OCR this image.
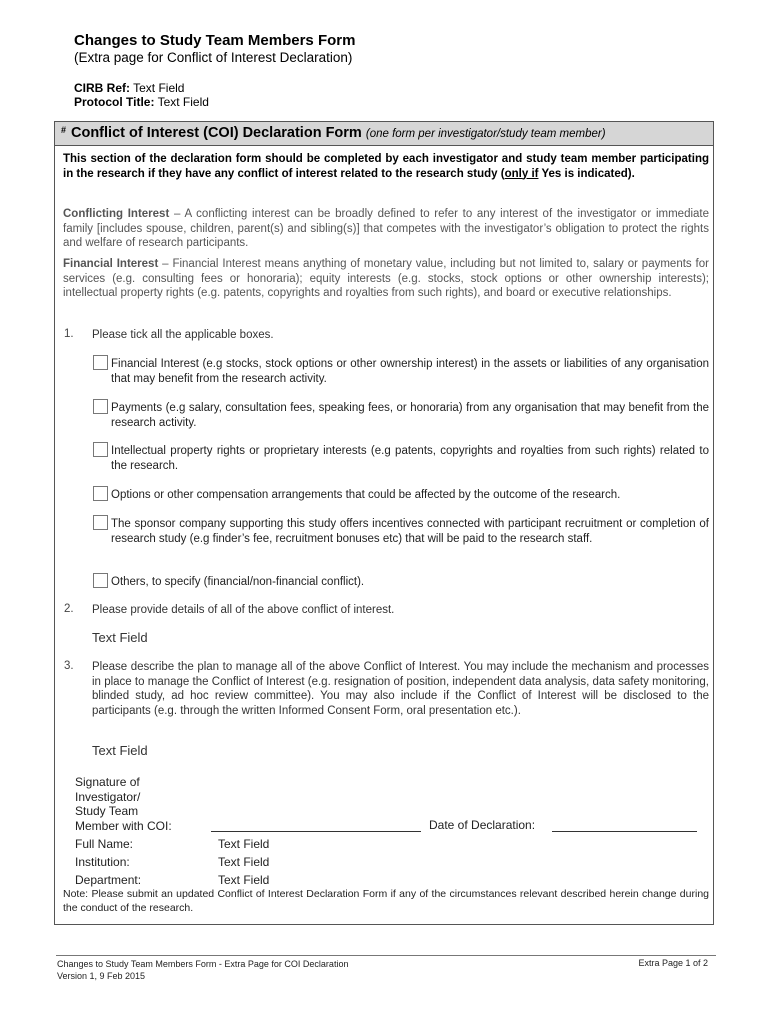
Changes to Study Team Members Form
(Extra page for Conflict of Interest Declaration)
CIRB Ref: Text Field
Protocol Title: Text Field
# Conflict of Interest (COI) Declaration Form (one form per investigator/study team member)
This section of the declaration form should be completed by each investigator and study team member participating in the research if they have any conflict of interest related to the research study (only if Yes is indicated).
Conflicting Interest – A conflicting interest can be broadly defined to refer to any interest of the investigator or immediate family [includes spouse, children, parent(s) and sibling(s)] that competes with the investigator’s obligation to protect the rights and welfare of research participants.
Financial Interest – Financial Interest means anything of monetary value, including but not limited to, salary or payments for services (e.g. consulting fees or honoraria); equity interests (e.g. stocks, stock options or other ownership interests); intellectual property rights (e.g. patents, copyrights and royalties from such rights), and board or executive relationships.
1. Please tick all the applicable boxes.
Financial Interest (e.g stocks, stock options or other ownership interest) in the assets or liabilities of any organisation that may benefit from the research activity.
Payments (e.g salary, consultation fees, speaking fees, or honoraria) from any organisation that may benefit from the research activity.
Intellectual property rights or proprietary interests (e.g patents, copyrights and royalties from such rights) related to the research.
Options or other compensation arrangements that could be affected by the outcome of the research.
The sponsor company supporting this study offers incentives connected with participant recruitment or completion of research study (e.g finder’s fee, recruitment bonuses etc) that will be paid to the research staff.
Others, to specify (financial/non-financial conflict).
2. Please provide details of all of the above conflict of interest.
Text Field
3. Please describe the plan to manage all of the above Conflict of Interest. You may include the mechanism and processes in place to manage the Conflict of Interest (e.g. resignation of position, independent data analysis, data safety monitoring, blinded study, ad hoc review committee). You may also include if the Conflict of Interest will be disclosed to the participants (e.g. through the written Informed Consent Form, oral presentation etc.).
Text Field
Signature of
Investigator/
Study Team
Member with COI:	Date of Declaration:
Full Name:	Text Field
Institution:	Text Field
Department:	Text Field
Note: Please submit an updated Conflict of Interest Declaration Form if any of the circumstances relevant described herein change during the conduct of the research.
Changes to Study Team Members Form - Extra Page for COI Declaration
Version 1, 9 Feb 2015
Extra Page 1 of 2
